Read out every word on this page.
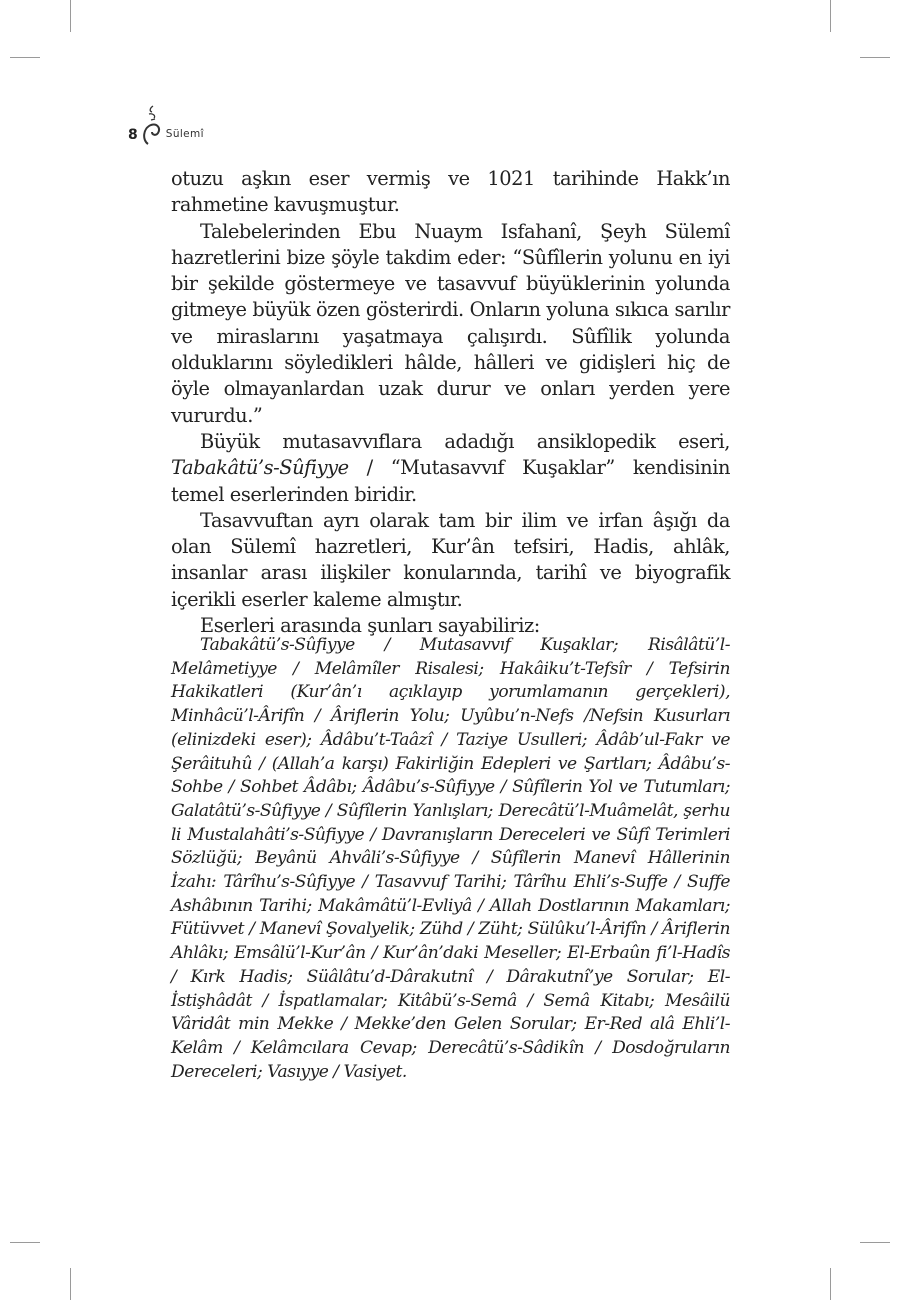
8	Sülemî

otuzu aşkın eser vermiş ve 1021 tarihinde Hakk’ın rahmetine kavuşmuştur.

Talebelerinden Ebu Nuaym Isfahanî, Şeyh Sülemî hazretlerini bize şöyle takdim eder: “Sûfîlerin yolunu en iyi bir şekilde göstermeye ve tasavvuf büyüklerinin yolunda gitmeye büyük özen gösterirdi. Onların yoluna sıkıca sarılır ve miraslarını yaşatmaya çalışırdı. Sûfîlik yolunda olduklarını söyledikleri hâlde, hâlleri ve gidişleri hiç de öyle olmayanlardan uzak durur ve onları yerden yere vururdu.”

Büyük mutasavvıflara adadığı ansiklopedik eseri, Tabakâtü’s-Sûfiyye / “Mutasavvıf Kuşaklar” kendisinin temel eserlerinden biridir.

Tasavvuftan ayrı olarak tam bir ilim ve irfan âşığı da olan Sülemî hazretleri, Kur’ân tefsiri, Hadis, ahlâk, insanlar arası ilişkiler konularında, tarihî ve biyografik içerikli eserler kaleme almıştır.

Eserleri arasında şunları sayabiliriz:

Tabakâtü’s-Sûfiyye / Mutasavvıf Kuşaklar; Risâlâtü’l-Melâmetiyye / Melâmîler Risalesi; Hakâiku’t-Tefsîr / Tefsirin Hakikatleri (Kur’ân’ı açıklayıp yorumlamanın gerçekleri), Minhâcü’l-Ârifîn / Âriflerin Yolu; Uyûbu’n-Nefs /Nefsin Kusurları (elinizdeki eser); Âdâbu’t-Taâzî / Taziye Usulleri; Âdâb’ul-Fakr ve Şerâituhû / (Allah’a karşı) Fakirliğin Edepleri ve Şartları; Âdâbu’s-Sohbe / Sohbet Âdâbı; Âdâbu’s-Sûfiyye / Sûfîlerin Yol ve Tutumları; Galatâtü’s-Sûfiyye / Sûfîlerin Yanlışları; Derecâtü’l-Muâmelât, şerhu li Mustalahâti’s-Sûfiyye / Davranışların Dereceleri ve Sûfî Terimleri Sözlüğü; Beyânü Ahvâli’s-Sûfiyye / Sûfîlerin Manevî Hâllerinin İzahı: Târîhu’s-Sûfiyye / Tasavvuf Tarihi; Târîhu Ehli’s-Suffe / Suffe Ashâbının Tarihi; Makâmâtü’l-Evliyâ / Allah Dostlarının Makamları; Fütüvvet / Manevî Şovalyelik; Zühd / Züht; Sülûku’l-Ârifîn / Âriflerin Ahlâkı; Emsâlü’l-Kur’ân / Kur’ân’daki Meseller; El-Erbaûn fi’l-Hadîs / Kırk Hadis; Süâlâtu’d-Dârakutnî / Dârakutnî’ye Sorular; El-İstişhâdât / İspatlamalar; Kitâbü’s-Semâ / Semâ Kitabı; Mesâilü Vâridât min Mekke / Mekke’den Gelen Sorular; Er-Red alâ Ehli’l-Kelâm / Kelâmcılara Cevap; Derecâtü’s-Sâdikîn / Dosdoğruların Dereceleri; Vasıyye / Vasiyet.
